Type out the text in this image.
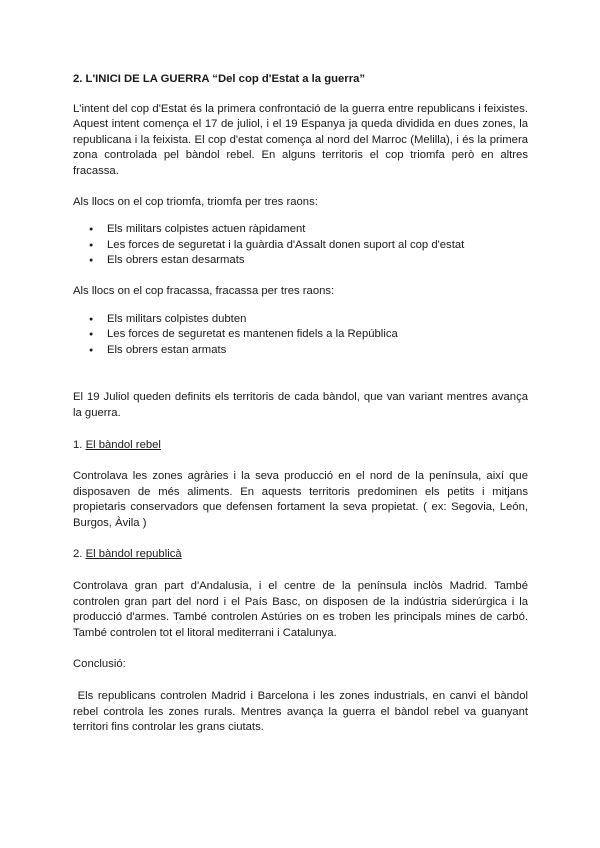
2. L'INICI DE LA GUERRA “Del cop d'Estat a la guerra”

L'intent del cop d'Estat és la primera confrontació de la guerra entre republicans i feixistes. Aquest intent comença el 17 de juliol, i el 19 Espanya ja queda dividida en dues zones, la republicana i la feixista. El cop d'estat comença al nord del Marroc (Melilla), i és la primera zona controlada pel bàndol rebel. En alguns territoris el cop triomfa però en altres fracassa.

Als llocs on el cop triomfa, triomfa per tres raons:

● Els militars colpistes actuen ràpidament
● Les forces de seguretat i la guàrdia d'Assalt donen suport al cop d'estat
● Els obrers estan desarmats

Als llocs on el cop fracassa, fracassa per tres raons:

● Els militars colpistes dubten
● Les forces de seguretat es mantenen fidels a la República
● Els obrers estan armats

El 19 Juliol queden definits els territoris de cada bàndol, que van variant mentres avança la guerra.

1. El bàndol rebel

Controlava les zones agràries i la seva producció en el nord de la península, així que disposaven de més aliments. En aquests territoris predominen els petits i mitjans propietaris conservadors que defensen fortament la seva propietat. ( ex: Segovia, León, Burgos, Àvila )

2. El bàndol republicà

Controlava gran part d'Andalusia, i el centre de la península inclòs Madrid. També controlen gran part del nord i el País Basc, on disposen de la indústria siderúrgica i la producció d'armes. També controlen Astúries on es troben les principals mines de carbó. També controlen tot el litoral mediterrani i Catalunya.

Conclusió:

Els republicans controlen Madrid i Barcelona i les zones industrials, en canvi el bàndol rebel controla les zones rurals. Mentres avança la guerra el bàndol rebel va guanyant territori fins controlar les grans ciutats.
